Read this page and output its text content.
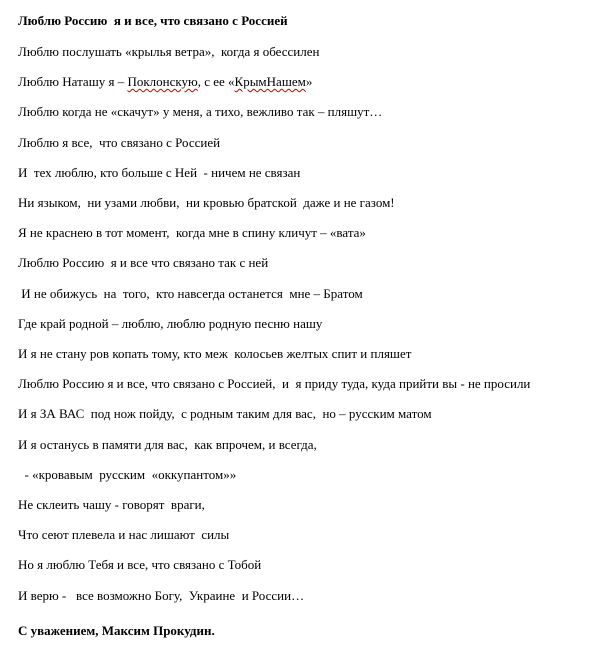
Люблю Россию  я и все, что связано с Россией
Люблю послушать «крылья ветра»,  когда я обессилен
Люблю Наташу я – Поклонскую, с ее «КрымНашем»
Люблю когда не «скачут» у меня, а тихо, вежливо так – пляшут…
Люблю я все,  что связано с Россией
И  тех люблю, кто больше с Ней  - ничем не связан
Ни языком,  ни узами любви,  ни кровью братской  даже и не газом!
Я не краснею в тот момент,  когда мне в спину кличут – «вата»
Люблю Россию  я и все что связано так с ней
И не обижусь  на  того,  кто навсегда останется  мне – Братом
Где край родной – люблю, люблю родную песню нашу
И я не стану ров копать тому, кто меж  колосьев желтых спит и пляшет
Люблю Россию я и все, что связано с Россией,  и  я приду туда, куда прийти вы - не просили
И я ЗА ВАС  под нож пойду,  с родным таким для вас,  но – русским матом
И я останусь в памяти для вас,  как впрочем, и всегда,
- «кровавым  русским  «оккупантом»»
Не склеить чашу - говорят  враги,
Что сеют плевела и нас лишают  силы
Но я люблю Тебя и все, что связано с Тобой
И верю -   все возможно Богу,  Украине  и России…
С уважением, Максим Прокудин.
